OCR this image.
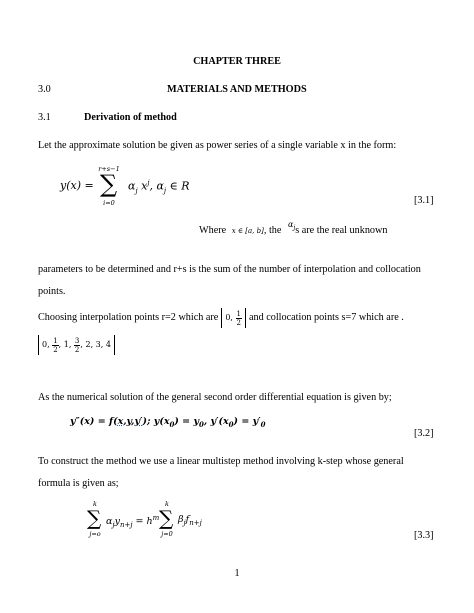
CHAPTER THREE
3.0	MATERIALS AND METHODS
3.1	Derivation of method
Let the approximate solution be given as power series of a single variable x in the form:
y(x) =
r+s−1
∑
i=0
$\alpha_j$ $x^j$, $\alpha_j$ ∈ R
[3.1]
Where x ∈ [a, b], the $^{\alpha_j}$s are the real unknown
parameters to be determined and r+s is the sum of the number of interpolation and collocation
points.
Choosing interpolation points r=2 which are 0,
$\frac{1}{2}$ and collocation points s=7 which are .
0,
$\frac{1}{2}$ , 1,
$\frac{3}{2}$ , 2, 3, 4
As the numerical solution of the general second order differential equation is given by;
y″(x) = f(x,y,y′); $y(x_0) = y_0$, $y'(x_0) = y'_0$
[3.2]
To construct the method we use a linear multistep method involving k-step whose general
formula is given as;
k
∑
j=o
$\alpha_jy_{n+j} = h^m$
k
∑
j=0
$\beta_jf_{n+j}$
[3.3]
1
